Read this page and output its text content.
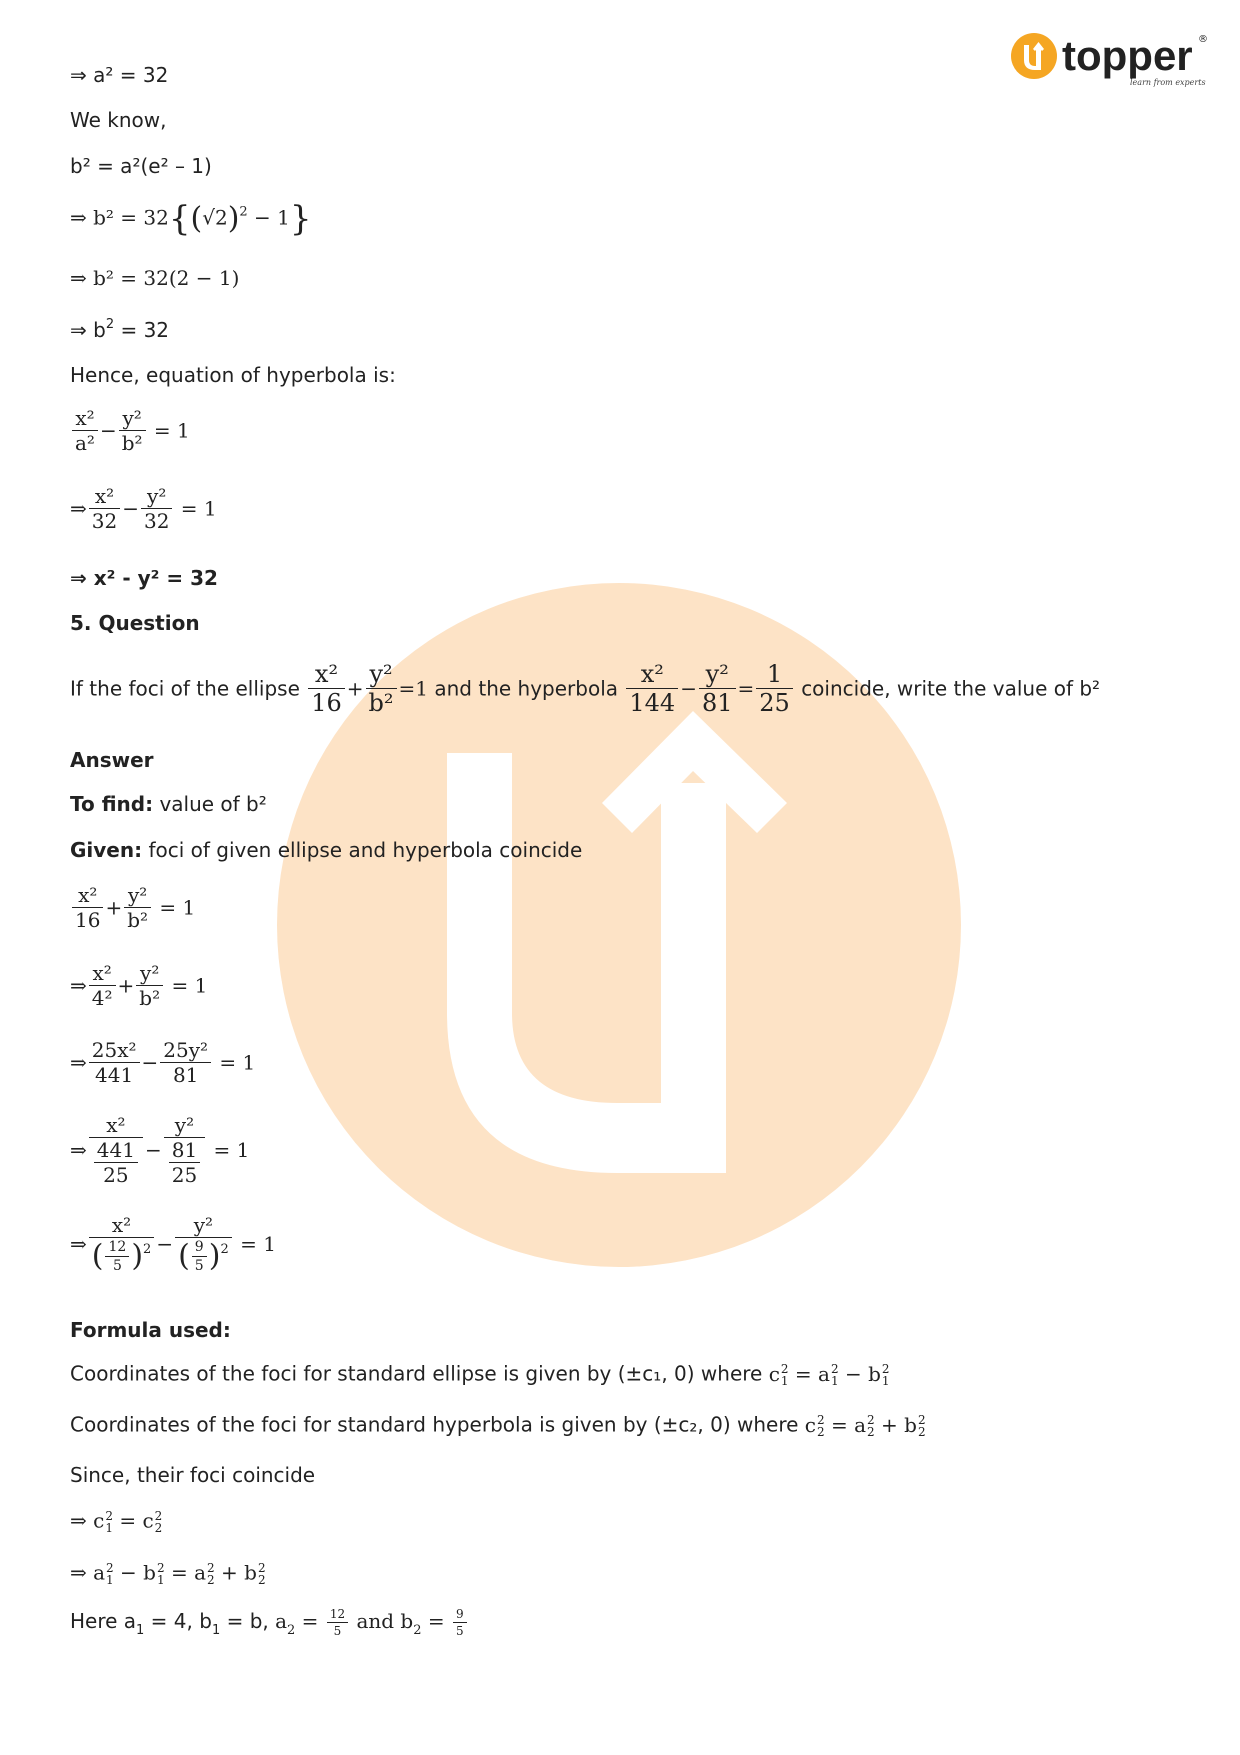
topper ®
learn from experts
⇒ a² = 32
We know,
b² = a²(e² – 1)
⇒ $b^2 = 32\{(√2)^2 - 1\}$
⇒ b² = 32(2 − 1)
⇒ $b^2 = 32$
Hence, equation of hyperbola is:
$\frac{\text{x²}}{\text{a²}} - \frac{\text{y²}}{\text{b²}} = 1$
⇒ $\frac{\text{x²}}{32} - \frac{\text{y²}}{32} = 1$
⇒ x² - y² = 32
5. Question
If the foci of the ellipse $\frac{\text{x²}}{16} + \frac{\text{y²}}{\text{b²}} =1$ and the hyperbola $\frac{\text{x²}}{144} - \frac{\text{y²}}{81} = \frac{1}{25}$ coincide, write the value of b²
Answer
To find: value of b²
Given: foci of given ellipse and hyperbola coincide
$\frac{\text{x²}}{16} + \frac{\text{y²}}{\text{b²}} = 1$
⇒ $\frac{\text{x²}}{\text{4²}} + \frac{\text{y²}}{\text{b²}} = 1$
⇒ $\frac{\text{25x²}}{441} - \frac{\text{25y²}}{81} = 1$
⇒ $\frac{\text{x²}}{\frac{441}{25}} - \frac{\text{y²}}{\frac{81}{25}} = 1$
⇒ $\frac{\text{x²}}{( \frac{12}{5} )^2} - \frac{\text{y²}}{( \frac{9}{5} )^2} = 1$
Formula used:
Coordinates of the foci for standard ellipse is given by (±c₁, 0) where c 2
1 = a 2
1 − b 2
1
Coordinates of the foci for standard hyperbola is given by (±c₂, 0) where c 2
2 = a 2
2 + b 2
2
Since, their foci coincide
⇒ c 2
1 = c 2
2
⇒ a 2
1 − b 2
1 = a 2
2 + b 2
2
Here $a_1 = 4$, $b_1 = b$, $a_2 = \frac{12}{5}$ and $b_2 = \frac{9}{5}$
